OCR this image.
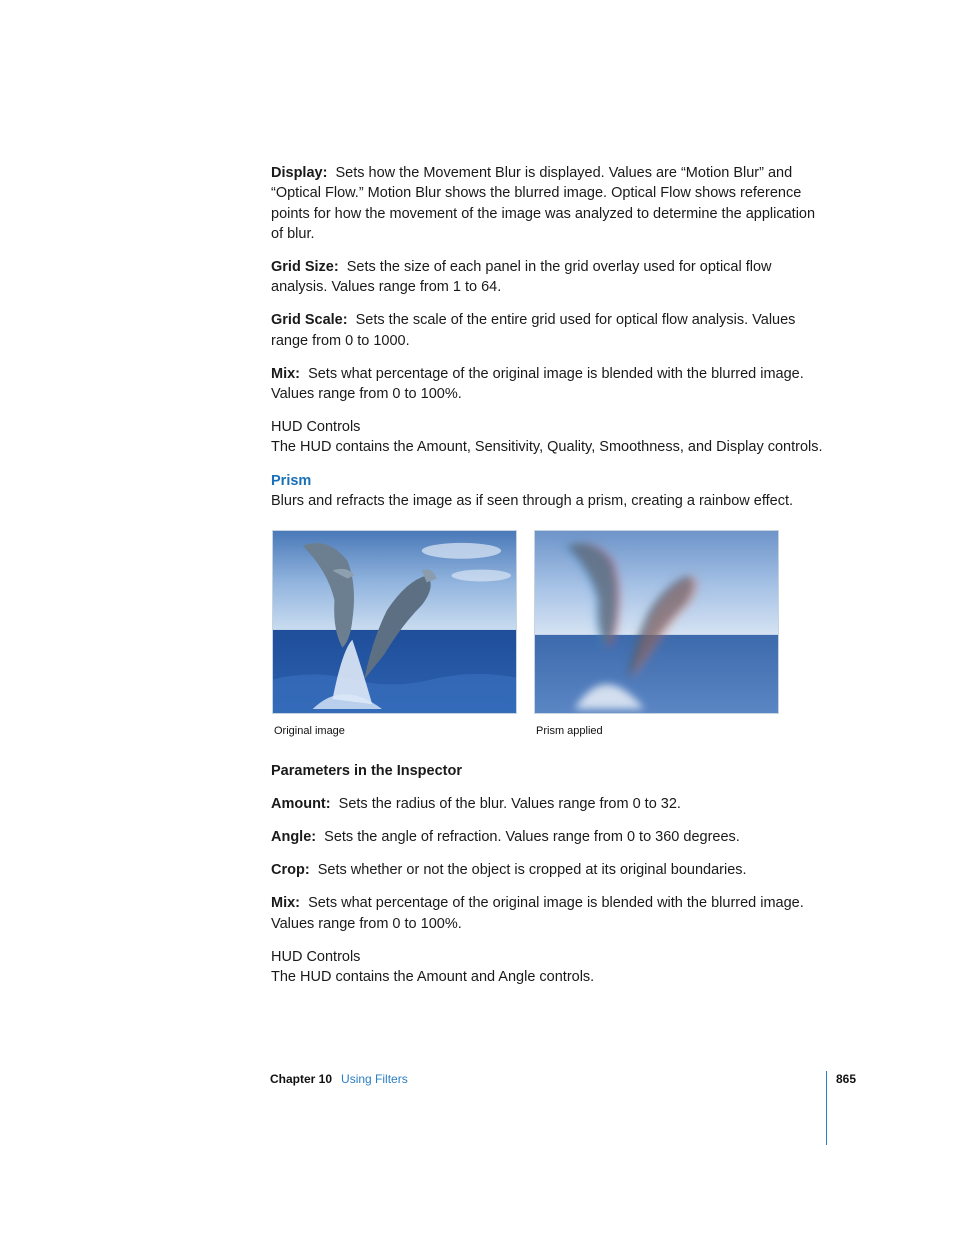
Display: Sets how the Movement Blur is displayed. Values are “Motion Blur” and “Optical Flow.” Motion Blur shows the blurred image. Optical Flow shows reference points for how the movement of the image was analyzed to determine the application of blur.

Grid Size: Sets the size of each panel in the grid overlay used for optical flow analysis. Values range from 1 to 64.

Grid Scale: Sets the scale of the entire grid used for optical flow analysis. Values range from 0 to 1000.

Mix: Sets what percentage of the original image is blended with the blurred image. Values range from 0 to 100%.

HUD Controls

The HUD contains the Amount, Sensitivity, Quality, Smoothness, and Display controls.

Prism

Blurs and refracts the image as if seen through a prism, creating a rainbow effect.

Original image	Prism applied

Parameters in the Inspector

Amount: Sets the radius of the blur. Values range from 0 to 32.

Angle: Sets the angle of refraction. Values range from 0 to 360 degrees.

Crop: Sets whether or not the object is cropped at its original boundaries.

Mix: Sets what percentage of the original image is blended with the blurred image. Values range from 0 to 100%.

HUD Controls

The HUD contains the Amount and Angle controls.

Chapter 10 Using Filters	865
